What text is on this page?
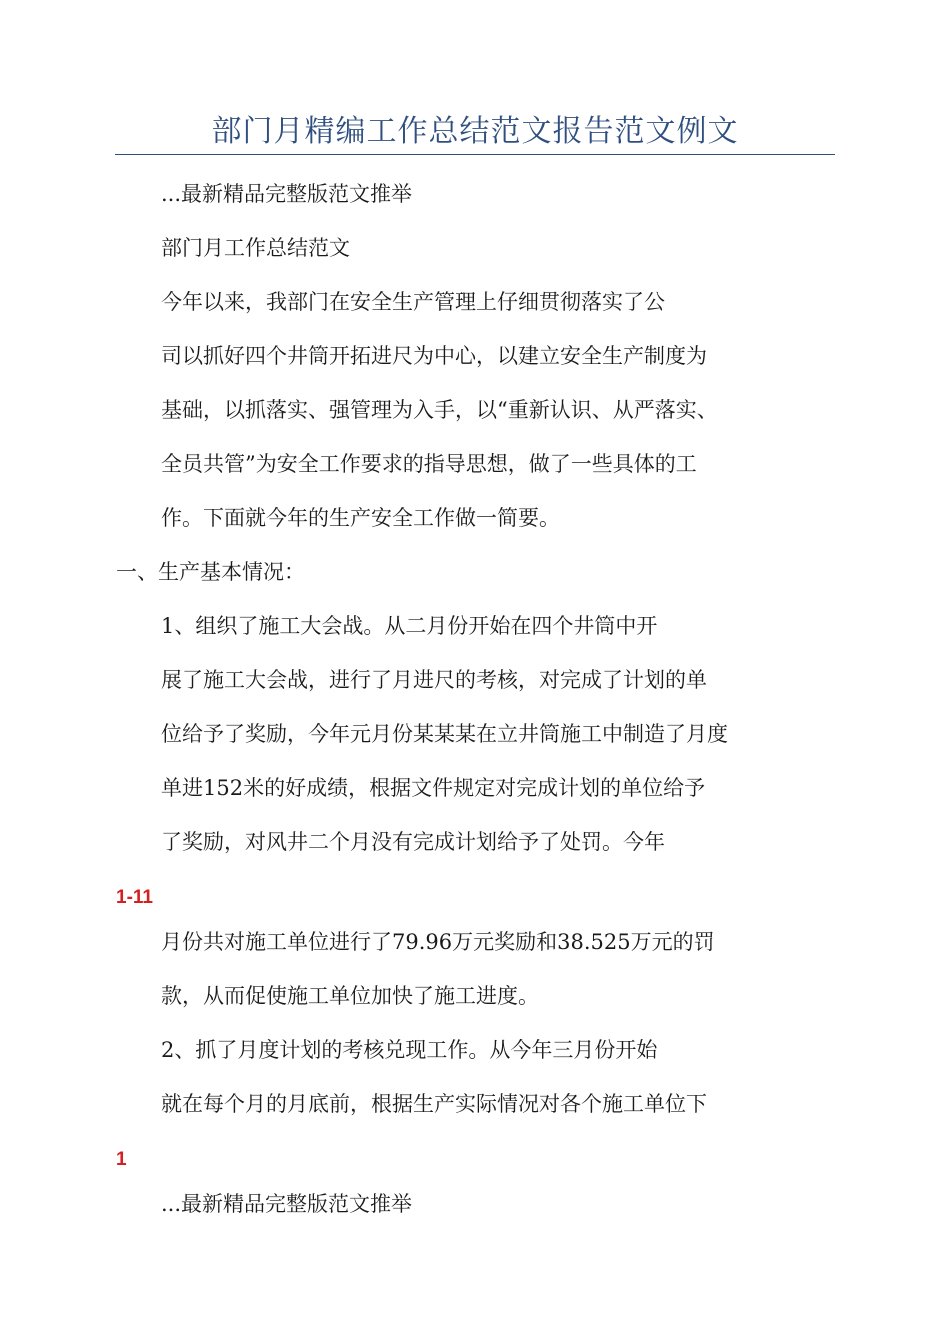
部门月精编工作总结范文报告范文例文
...最新精品完整版范文推举
部门月工作总结范文
今年以来，我部门在安全生产管理上仔细贯彻落实了公
司以抓好四个井筒开拓进尺为中心，以建立安全生产制度为
基础，以抓落实、强管理为入手，以“重新认识、从严落实、
全员共管”为安全工作要求的指导思想，做了一些具体的工
作。下面就今年的生产安全工作做一简要。
一、生产基本情况：
1、组织了施工大会战。从二月份开始在四个井筒中开
展了施工大会战，进行了月进尺的考核，对完成了计划的单
位给予了奖励，今年元月份某某某在立井筒施工中制造了月度
单进152米的好成绩，根据文件规定对完成计划的单位给予
了奖励，对风井二个月没有完成计划给予了处罚。今年
1-11
月份共对施工单位进行了79.96万元奖励和38.525万元的罚
款，从而促使施工单位加快了施工进度。
2、抓了月度计划的考核兑现工作。从今年三月份开始
就在每个月的月底前，根据生产实际情况对各个施工单位下
1
...最新精品完整版范文推举
